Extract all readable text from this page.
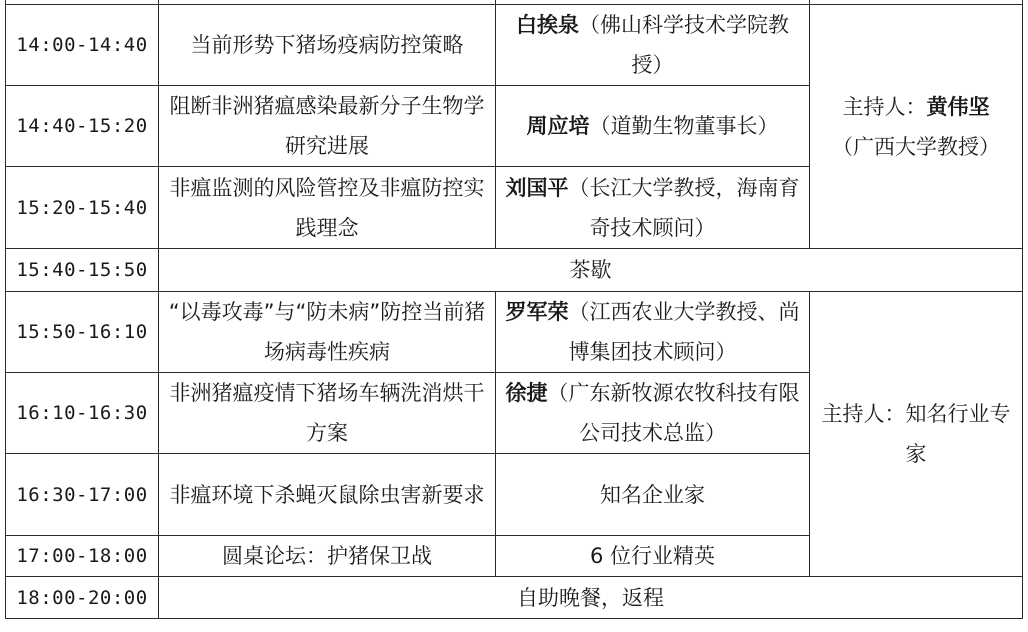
14:00-14:40	当前形势下猪场疫病防控策略	白挨泉（佛山科学技术学院教授）	主持人：黄伟坚
（广西大学教授）
14:40-15:20	阻断非洲猪瘟感染最新分子生物学研究进展	周应培（道勤生物董事长）	
15:20-15:40	非瘟监测的风险管控及非瘟防控实践理念	刘国平（长江大学教授，海南育奇技术顾问）	
15:40-15:50	茶歇		
15:50-16:10	“以毒攻毒”与“防未病”防控当前猪场病毒性疾病	罗军荣（江西农业大学教授、尚博集团技术顾问）	主持人：知名行业专家
16:10-16:30	非洲猪瘟疫情下猪场车辆洗消烘干方案	徐捷（广东新牧源农牧科技有限公司技术总监）	
16:30-17:00	非瘟环境下杀蝇灭鼠除虫害新要求	知名企业家	
17:00-18:00	圆桌论坛：护猪保卫战	6 位行业精英	
18:00-20:00	自助晚餐，返程		
